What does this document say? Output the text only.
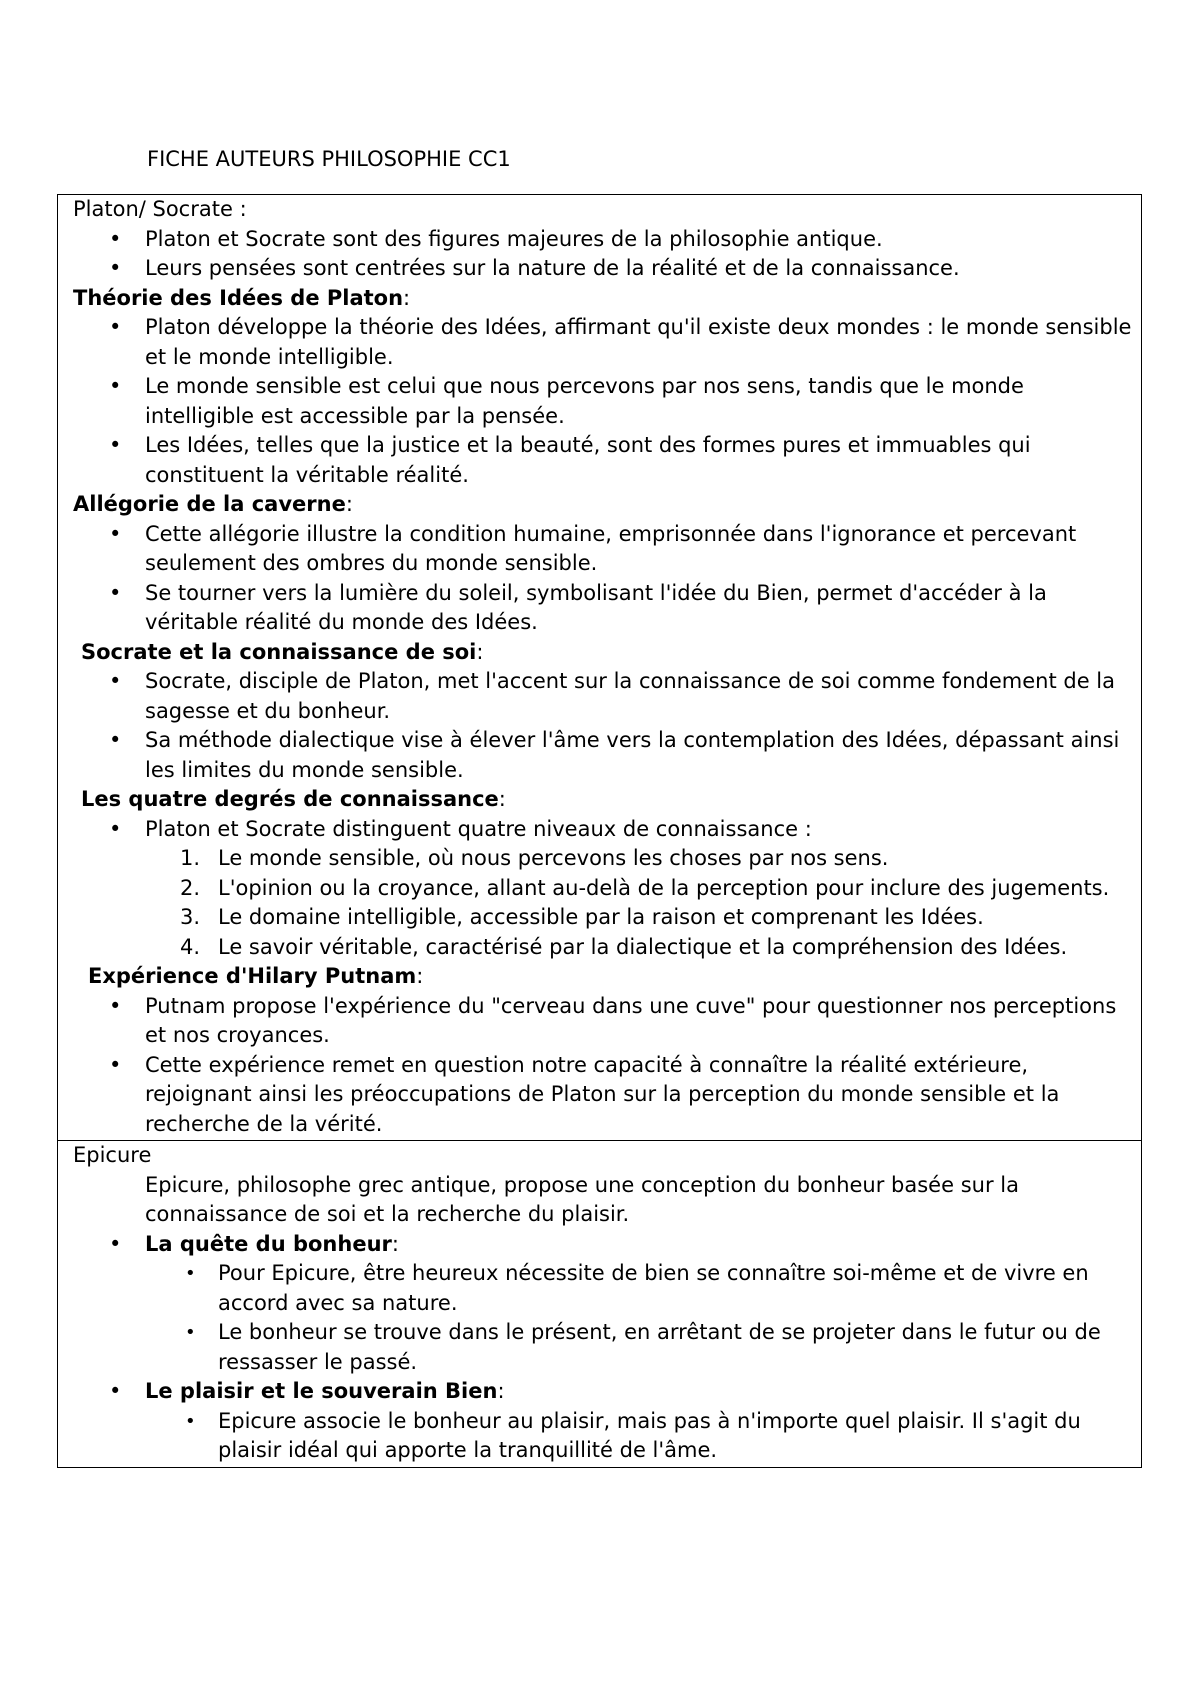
FICHE AUTEURS PHILOSOPHIE CC1

Platon/ Socrate :

•	Platon et Socrate sont des figures majeures de la philosophie antique.
•	Leurs pensées sont centrées sur la nature de la réalité et de la connaissance.

Théorie des Idées de Platon:

•	Platon développe la théorie des Idées, affirmant qu'il existe deux mondes : le monde sensible et le monde intelligible.
•	Le monde sensible est celui que nous percevons par nos sens, tandis que le monde intelligible est accessible par la pensée.
•	Les Idées, telles que la justice et la beauté, sont des formes pures et immuables qui constituent la véritable réalité.

Allégorie de la caverne:

•	Cette allégorie illustre la condition humaine, emprisonnée dans l'ignorance et percevant seulement des ombres du monde sensible.
•	Se tourner vers la lumière du soleil, symbolisant l'idée du Bien, permet d'accéder à la véritable réalité du monde des Idées.

Socrate et la connaissance de soi:

•	Socrate, disciple de Platon, met l'accent sur la connaissance de soi comme fondement de la sagesse et du bonheur.
•	Sa méthode dialectique vise à élever l'âme vers la contemplation des Idées, dépassant ainsi les limites du monde sensible.

Les quatre degrés de connaissance:

•	Platon et Socrate distinguent quatre niveaux de connaissance :
1. Le monde sensible, où nous percevons les choses par nos sens.
2. L'opinion ou la croyance, allant au-delà de la perception pour inclure des jugements.
3. Le domaine intelligible, accessible par la raison et comprenant les Idées.
4. Le savoir véritable, caractérisé par la dialectique et la compréhension des Idées.

Expérience d'Hilary Putnam:

•	Putnam propose l'expérience du "cerveau dans une cuve" pour questionner nos perceptions et nos croyances.
•	Cette expérience remet en question notre capacité à connaître la réalité extérieure, rejoignant ainsi les préoccupations de Platon sur la perception du monde sensible et la recherche de la vérité.

Epicure

Epicure, philosophe grec antique, propose une conception du bonheur basée sur la connaissance de soi et la recherche du plaisir.

•	La quête du bonheur:
• Pour Epicure, être heureux nécessite de bien se connaître soi-même et de vivre en accord avec sa nature.
• Le bonheur se trouve dans le présent, en arrêtant de se projeter dans le futur ou de ressasser le passé.
•	Le plaisir et le souverain Bien:
• Epicure associe le bonheur au plaisir, mais pas à n'importe quel plaisir. Il s'agit du plaisir idéal qui apporte la tranquillité de l'âme.
